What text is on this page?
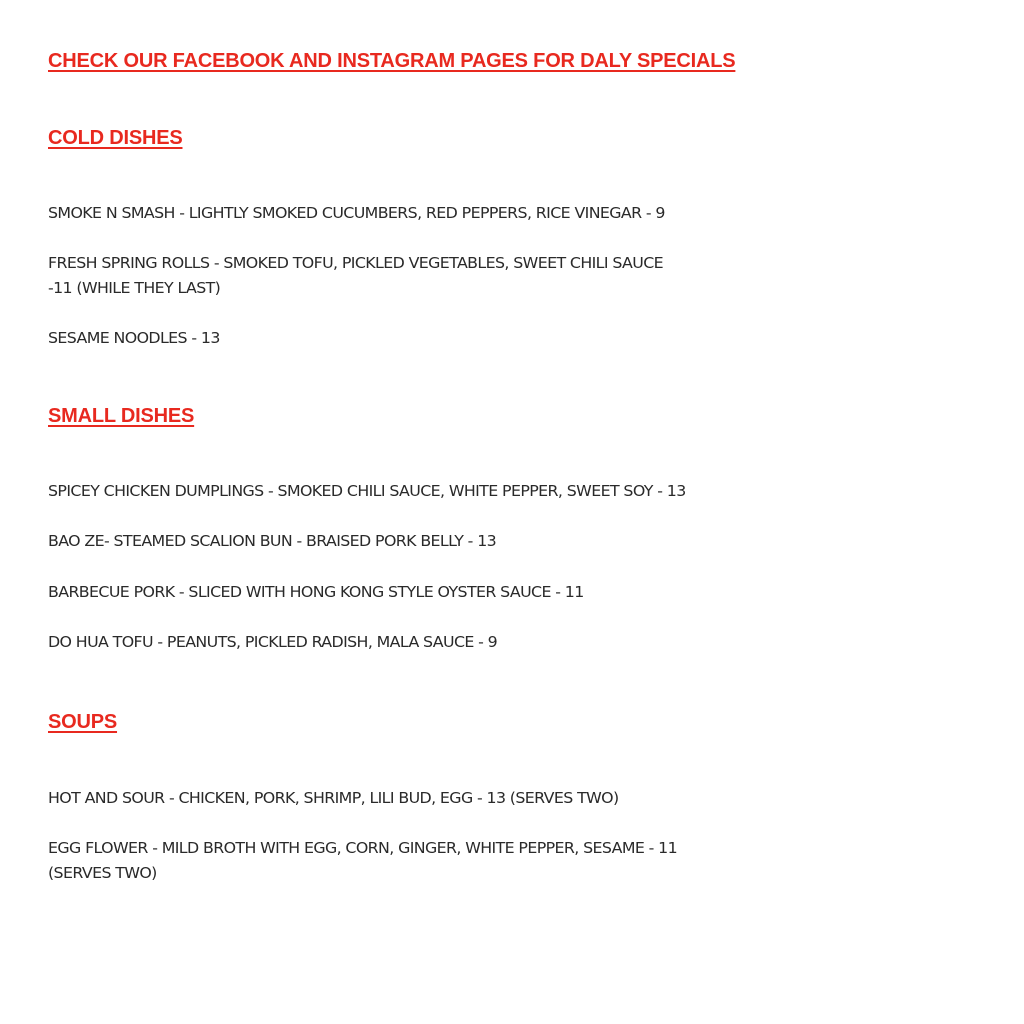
CHECK OUR FACEBOOK AND INSTAGRAM PAGES FOR DALY SPECIALS
COLD DISHES
SMOKE N SMASH - LIGHTLY SMOKED CUCUMBERS, RED PEPPERS, RICE VINEGAR - 9
FRESH SPRING ROLLS - SMOKED TOFU, PICKLED VEGETABLES, SWEET CHILI SAUCE
-11 (WHILE THEY LAST)
SESAME NOODLES - 13
SMALL DISHES
SPICEY CHICKEN DUMPLINGS - SMOKED CHILI SAUCE, WHITE PEPPER, SWEET SOY - 13
BAO ZE- STEAMED SCALION BUN - BRAISED PORK BELLY - 13
BARBECUE PORK - SLICED WITH HONG KONG STYLE OYSTER SAUCE - 11
DO HUA TOFU - PEANUTS, PICKLED RADISH, MALA SAUCE - 9
SOUPS
HOT AND SOUR - CHICKEN, PORK, SHRIMP, LILI BUD, EGG - 13 (SERVES TWO)
EGG FLOWER - MILD BROTH WITH EGG, CORN, GINGER, WHITE PEPPER, SESAME - 11
(SERVES TWO)
